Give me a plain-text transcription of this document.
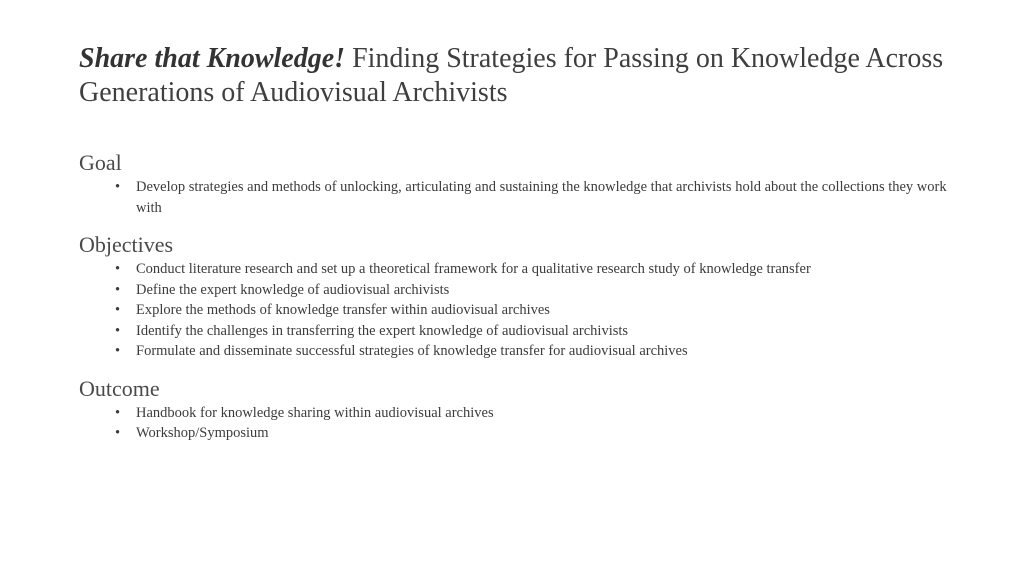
Share that Knowledge! Finding Strategies for Passing on Knowledge Across Generations of Audiovisual Archivists
Goal
•	Develop strategies and methods of unlocking, articulating and sustaining the knowledge that archivists hold about the collections they work with
Objectives
•	Conduct literature research and set up a theoretical framework for a qualitative research study of knowledge transfer
•	Define the expert knowledge of audiovisual archivists
•	Explore the methods of knowledge transfer within audiovisual archives
•	Identify the challenges in transferring the expert knowledge of audiovisual archivists
•	Formulate and disseminate successful strategies of knowledge transfer for audiovisual archives
Outcome
•	Handbook for knowledge sharing within audiovisual archives
•	Workshop/Symposium
